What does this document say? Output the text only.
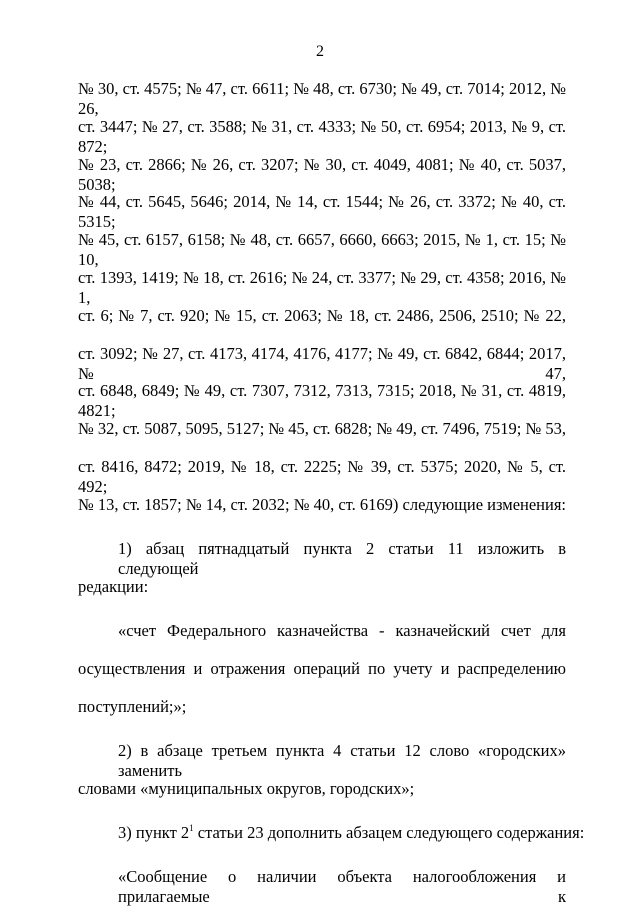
2
№ 30, ст. 4575; № 47, ст. 6611; № 48, ст. 6730; № 49, ст. 7014; 2012, № 26,
ст. 3447; № 27, ст. 3588; № 31, ст. 4333; № 50, ст. 6954; 2013, № 9, ст. 872;
№ 23, ст. 2866; № 26, ст. 3207; № 30, ст. 4049, 4081; № 40, ст. 5037, 5038;
№ 44, ст. 5645, 5646; 2014, № 14, ст. 1544; № 26, ст. 3372; № 40, ст. 5315;
№ 45, ст. 6157, 6158; № 48, ст. 6657, 6660, 6663; 2015, № 1, ст. 15; № 10,
ст. 1393, 1419; № 18, ст. 2616; № 24, ст. 3377; № 29, ст. 4358; 2016, № 1,
ст. 6; № 7, ст. 920; № 15, ст. 2063; № 18, ст. 2486, 2506, 2510; № 22,
ст. 3092; № 27, ст. 4173, 4174, 4176, 4177; № 49, ст. 6842, 6844; 2017, № 47,
ст. 6848, 6849; № 49, ст. 7307, 7312, 7313, 7315; 2018, № 31, ст. 4819, 4821;
№ 32, ст. 5087, 5095, 5127; № 45, ст. 6828; № 49, ст. 7496, 7519; № 53,
ст. 8416, 8472; 2019, № 18, ст. 2225; № 39, ст. 5375; 2020, № 5, ст. 492;
№ 13, ст. 1857; № 14, ст. 2032; № 40, ст. 6169) следующие изменения:
1) абзац пятнадцатый пункта 2 статьи 11 изложить в следующей
редакции:
«счет Федерального казначейства - казначейский счет для
осуществления и отражения операций по учету и распределению
поступлений;»;
2) в абзаце третьем пункта 4 статьи 12 слово «городских» заменить
словами «муниципальных округов, городских»;
3) пункт $2^1$ статьи 23 дополнить абзацем следующего содержания:
«Сообщение о наличии объекта налогообложения и прилагаемые к
